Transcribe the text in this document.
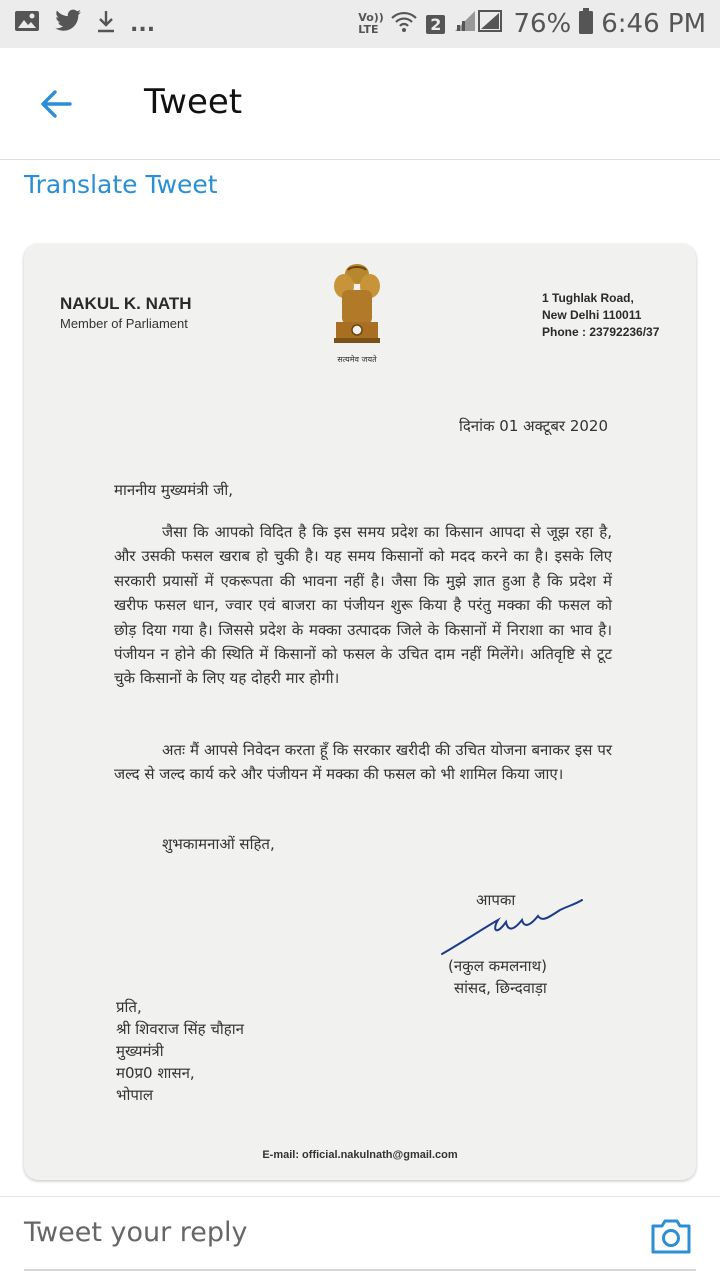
...	Vo)) LTE	2	76% 6:46 PM
Tweet
Translate Tweet
NAKUL K. NATH
Member of Parliament
सत्यमेव जयते
1 Tughlak Road,
New Delhi 110011
Phone : 23792236/37
दिनांक 01 अक्टूबर 2020
माननीय मुख्यमंत्री जी,
जैसा कि आपको विदित है कि इस समय प्रदेश का किसान आपदा से जूझ रहा है, और उसकी फसल खराब हो चुकी है। यह समय किसानों को मदद करने का है। इसके लिए सरकारी प्रयासों में एकरूपता की भावना नहीं है। जैसा कि मुझे ज्ञात हुआ है कि प्रदेश में खरीफ फसल धान, ज्वार एवं बाजरा का पंजीयन शुरू किया है परंतु मक्का की फसल को छोड़ दिया गया है। जिससे प्रदेश के मक्का उत्पादक जिले के किसानों में निराशा का भाव है। पंजीयन न होने की स्थिति में किसानों को फसल के उचित दाम नहीं मिलेंगे। अतिवृष्टि से टूट चुके किसानों के लिए यह दोहरी मार होगी।
अतः मैं आपसे निवेदन करता हूँ कि सरकार खरीदी की उचित योजना बनाकर इस पर जल्द से जल्द कार्य करे और पंजीयन में मक्का की फसल को भी शामिल किया जाए।
शुभकामनाओं सहित,
आपका
(नकुल कमलनाथ)
सांसद, छिन्दवाड़ा
प्रति,
श्री शिवराज सिंह चौहान
मुख्यमंत्री
म0प्र0 शासन,
भोपाल
E-mail: official.nakulnath@gmail.com
Tweet your reply
